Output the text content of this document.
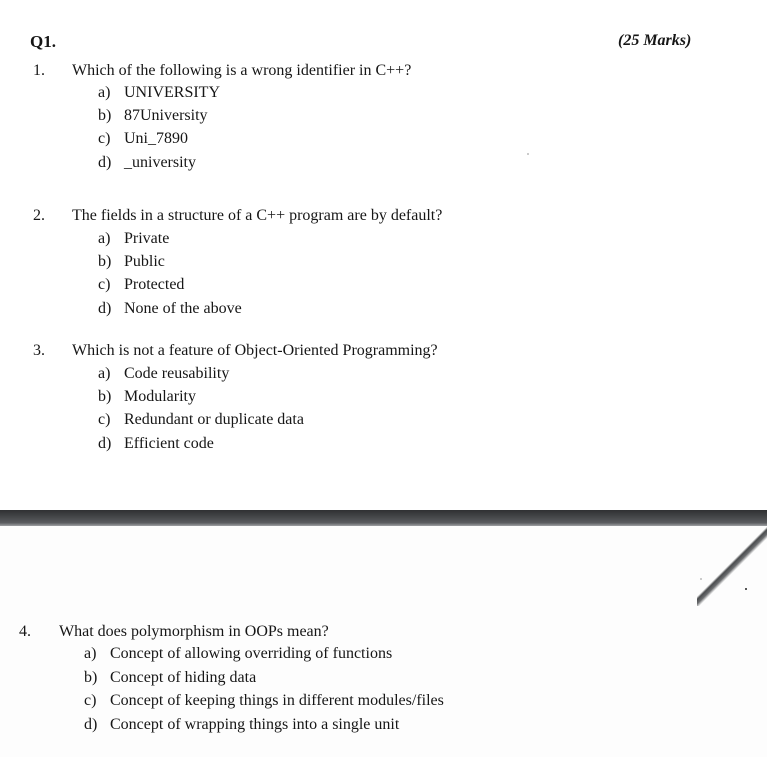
Q1.	(25 Marks)
1. Which of the following is a wrong identifier in C++?
a) UNIVERSITY
b) 87University
c) Uni_7890
d) _university
2. The fields in a structure of a C++ program are by default?
a) Private
b) Public
c) Protected
d) None of the above
3. Which is not a feature of Object-Oriented Programming?
a) Code reusability
b) Modularity
c) Redundant or duplicate data
d) Efficient code
4. What does polymorphism in OOPs mean?
a) Concept of allowing overriding of functions
b) Concept of hiding data
c) Concept of keeping things in different modules/files
d) Concept of wrapping things into a single unit
